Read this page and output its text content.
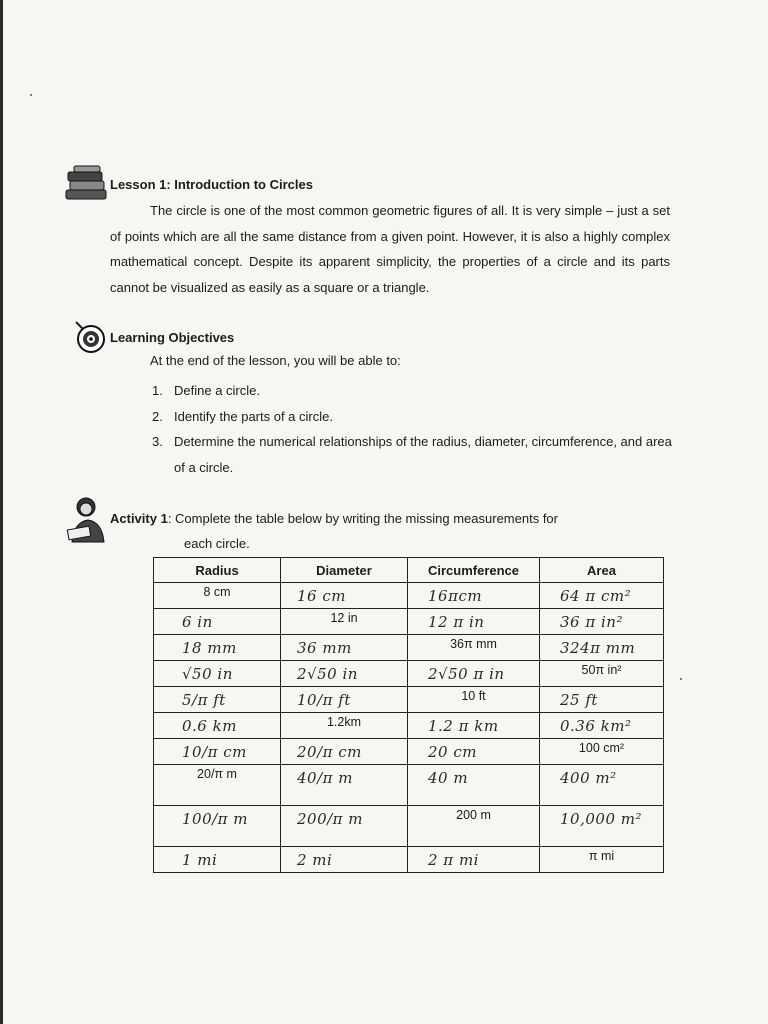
Lesson 1: Introduction to Circles
The circle is one of the most common geometric figures of all. It is very simple – just a set of points which are all the same distance from a given point. However, it is also a highly complex mathematical concept. Despite its apparent simplicity, the properties of a circle and its parts cannot be visualized as easily as a square or a triangle.
Learning Objectives
At the end of the lesson, you will be able to:
1. Define a circle.
2. Identify the parts of a circle.
3. Determine the numerical relationships of the radius, diameter, circumference, and area of a circle.
Activity 1: Complete the table below by writing the missing measurements for
each circle.
Radius	Diameter	Circumference	Area

8 cm	16 cm	16πcm	64 π cm²

6 in	12 in	12 π in	36 π in²

18 mm	36 mm	36π mm	324π mm

√50 in	2√50 in	2√50 π in	50π in²

5/π ft	10/π ft	10 ft	25 ft

0.6 km	1.2km	1.2 π km	0.36 km²

10/π cm	20/π cm	20 cm	100 cm²

20/π m	40/π m	40 m	400 m²

100/π m	200/π m	200 m	10,000 m²

1 mi	2 mi	2 π mi	π mi
